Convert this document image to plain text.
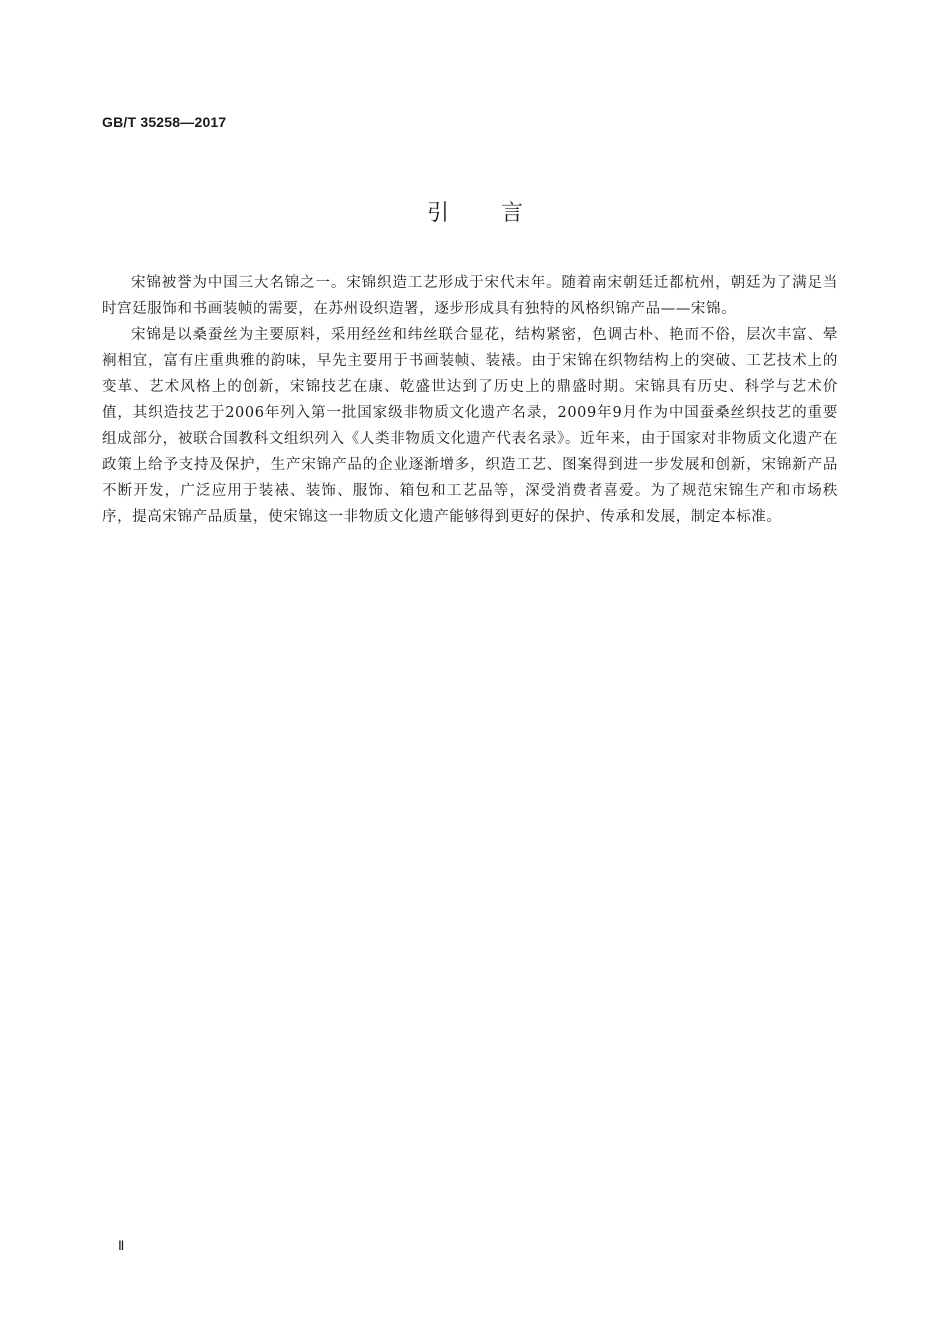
GB/T 35258—2017
引言

宋锦被誉为中国三大名锦之一。宋锦织造工艺形成于宋代末年。随着南宋朝廷迁都杭州，朝廷为了满足当时宫廷服饰和书画装帧的需要，在苏州设织造署，逐步形成具有独特的风格织锦产品——宋锦。

宋锦是以桑蚕丝为主要原料，采用经丝和纬丝联合显花，结构紧密，色调古朴、艳而不俗，层次丰富、晕裥相宜，富有庄重典雅的韵味，早先主要用于书画装帧、装裱。由于宋锦在织物结构上的突破、工艺技术上的变革、艺术风格上的创新，宋锦技艺在康、乾盛世达到了历史上的鼎盛时期。宋锦具有历史、科学与艺术价值，其织造技艺于2006年列入第一批国家级非物质文化遗产名录，2009年9月作为中国蚕桑丝织技艺的重要组成部分，被联合国教科文组织列入《人类非物质文化遗产代表名录》。近年来，由于国家对非物质文化遗产在政策上给予支持及保护，生产宋锦产品的企业逐渐增多，织造工艺、图案得到进一步发展和创新，宋锦新产品不断开发，广泛应用于装裱、装饰、服饰、箱包和工艺品等，深受消费者喜爱。为了规范宋锦生产和市场秩序，提高宋锦产品质量，使宋锦这一非物质文化遗产能够得到更好的保护、传承和发展，制定本标准。

Ⅱ
